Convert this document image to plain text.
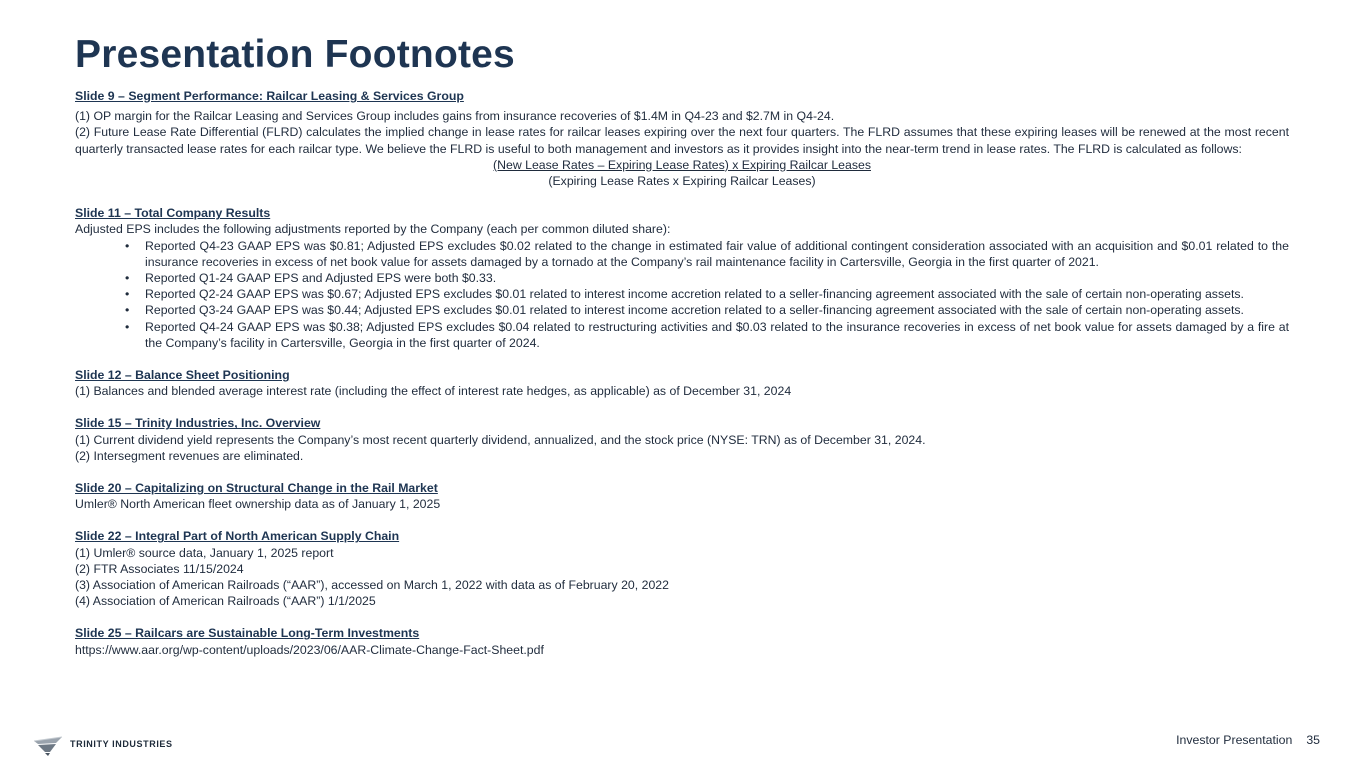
Presentation Footnotes
Slide 9 – Segment Performance: Railcar Leasing & Services Group
(1) OP margin for the Railcar Leasing and Services Group includes gains from insurance recoveries of $1.4M in Q4-23 and $2.7M in Q4-24.
(2) Future Lease Rate Differential (FLRD) calculates the implied change in lease rates for railcar leases expiring over the next four quarters. The FLRD assumes that these expiring leases will be renewed at the most recent quarterly transacted lease rates for each railcar type. We believe the FLRD is useful to both management and investors as it provides insight into the near-term trend in lease rates. The FLRD is calculated as follows:
(New Lease Rates – Expiring Lease Rates) x Expiring Railcar Leases
(Expiring Lease Rates x Expiring Railcar Leases)
Slide 11 – Total Company Results
Adjusted EPS includes the following adjustments reported by the Company (each per common diluted share):
• Reported Q4-23 GAAP EPS was $0.81; Adjusted EPS excludes $0.02 related to the change in estimated fair value of additional contingent consideration associated with an acquisition and $0.01 related to the insurance recoveries in excess of net book value for assets damaged by a tornado at the Company’s rail maintenance facility in Cartersville, Georgia in the first quarter of 2021.
• Reported Q1-24 GAAP EPS and Adjusted EPS were both $0.33.
• Reported Q2-24 GAAP EPS was $0.67; Adjusted EPS excludes $0.01 related to interest income accretion related to a seller-financing agreement associated with the sale of certain non-operating assets.
• Reported Q3-24 GAAP EPS was $0.44; Adjusted EPS excludes $0.01 related to interest income accretion related to a seller-financing agreement associated with the sale of certain non-operating assets.
• Reported Q4-24 GAAP EPS was $0.38; Adjusted EPS excludes $0.04 related to restructuring activities and $0.03 related to the insurance recoveries in excess of net book value for assets damaged by a fire at the Company’s facility in Cartersville, Georgia in the first quarter of 2024.
Slide 12 – Balance Sheet Positioning
(1) Balances and blended average interest rate (including the effect of interest rate hedges, as applicable) as of December 31, 2024
Slide 15 – Trinity Industries, Inc. Overview
(1) Current dividend yield represents the Company’s most recent quarterly dividend, annualized, and the stock price (NYSE: TRN) as of December 31, 2024.
(2) Intersegment revenues are eliminated.
Slide 20 – Capitalizing on Structural Change in the Rail Market
Umler® North American fleet ownership data as of January 1, 2025
Slide 22 – Integral Part of North American Supply Chain
(1) Umler® source data, January 1, 2025 report
(2) FTR Associates 11/15/2024
(3) Association of American Railroads (“AAR”), accessed on March 1, 2022 with data as of February 20, 2022
(4) Association of American Railroads (“AAR”) 1/1/2025
Slide 25 – Railcars are Sustainable Long-Term Investments
https://www.aar.org/wp-content/uploads/2023/06/AAR-Climate-Change-Fact-Sheet.pdf
TRINITY INDUSTRIES	Investor Presentation 35
